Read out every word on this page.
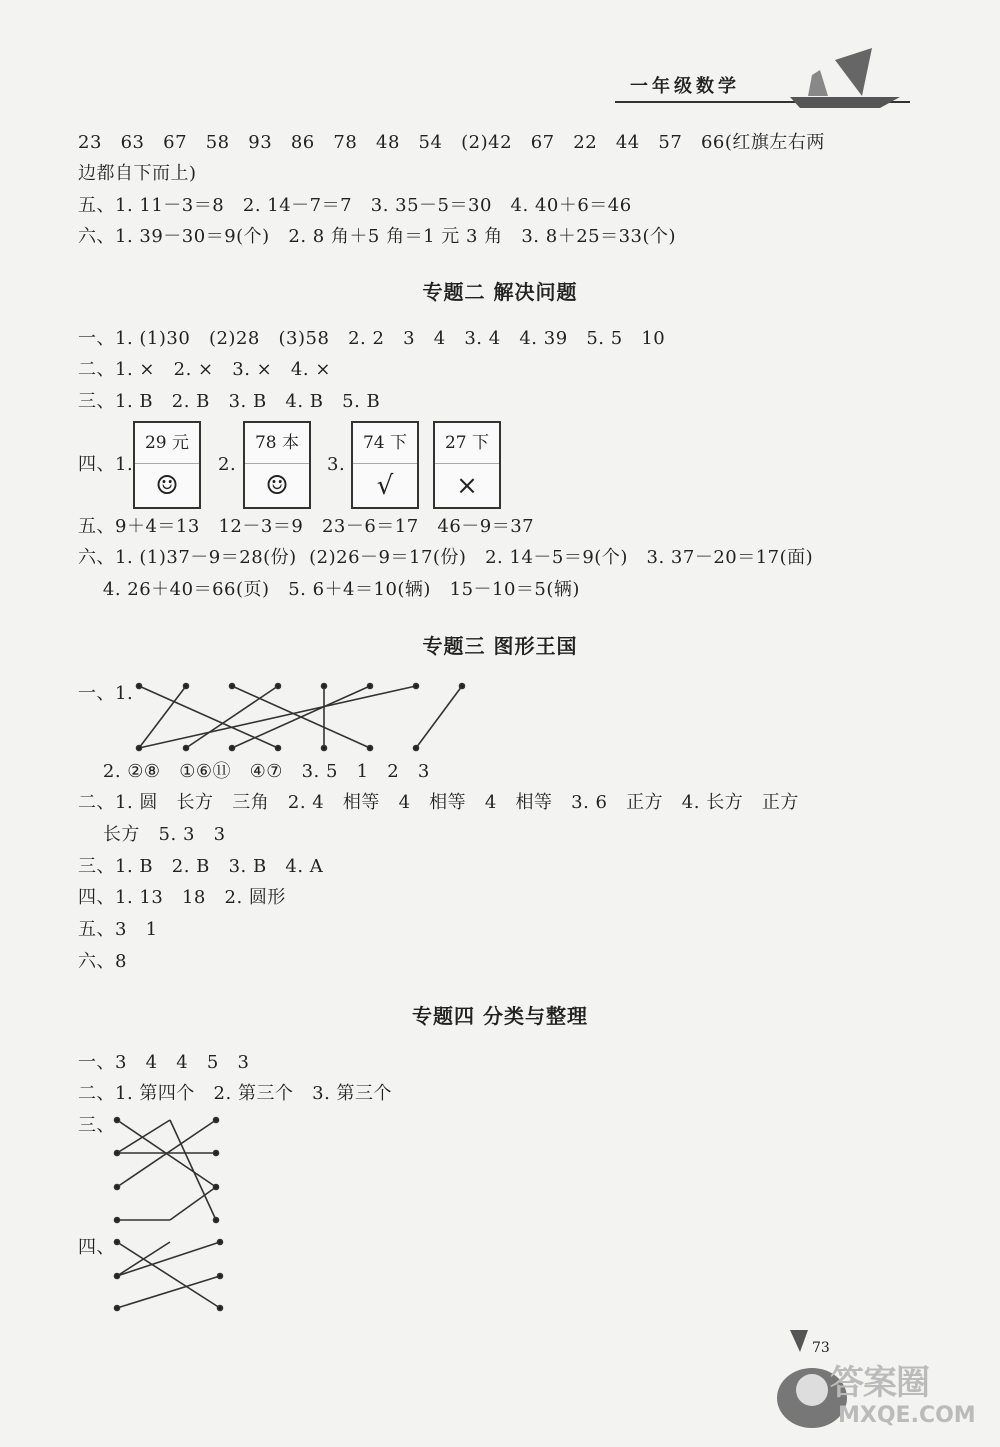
一年级数学
23   63   67   58   93   86   78   48   54   (2)42   67   22   44   57   66(红旗左右两
边都自下而上)
五、1. 11－3＝8   2. 14－7＝7   3. 35－5＝30   4. 40＋6＝46
六、1. 39－30＝9(个)   2. 8 角＋5 角＝1 元 3 角   3. 8＋25＝33(个)
专题二 解决问题
一、1. (1)30   (2)28   (3)58   2. 2   3   4   3. 4   4. 39   5. 5   10
二、1. ×   2. ×   3. ×   4. ×
三、1. B   2. B   3. B   4. B   5. B
四、1.
29 元
☺
2.
78 本
☺
3.
74 下
√
27 下
×
五、9＋4＝13   12－3＝9   23－6＝17   46－9＝37
六、1. (1)37－9＝28(份)  (2)26－9＝17(份)   2. 14－5＝9(个)   3. 37－20＝17(面)
4. 26＋40＝66(页)   5. 6＋4＝10(辆)   15－10＝5(辆)
专题三 图形王国
一、1.
2. ②⑧   ①⑥⑪   ④⑦   3. 5   1   2   3
二、1. 圆   长方   三角   2. 4   相等   4   相等   4   相等   3. 6   正方   4. 长方   正方
长方   5. 3   3
三、1. B   2. B   3. B   4. A
四、1. 13   18   2. 圆形
五、3   1
六、8
专题四 分类与整理
一、3   4   4   5   3
二、1. 第四个   2. 第三个   3. 第三个
三、
四、
73
答案圈
MXQE.COM
